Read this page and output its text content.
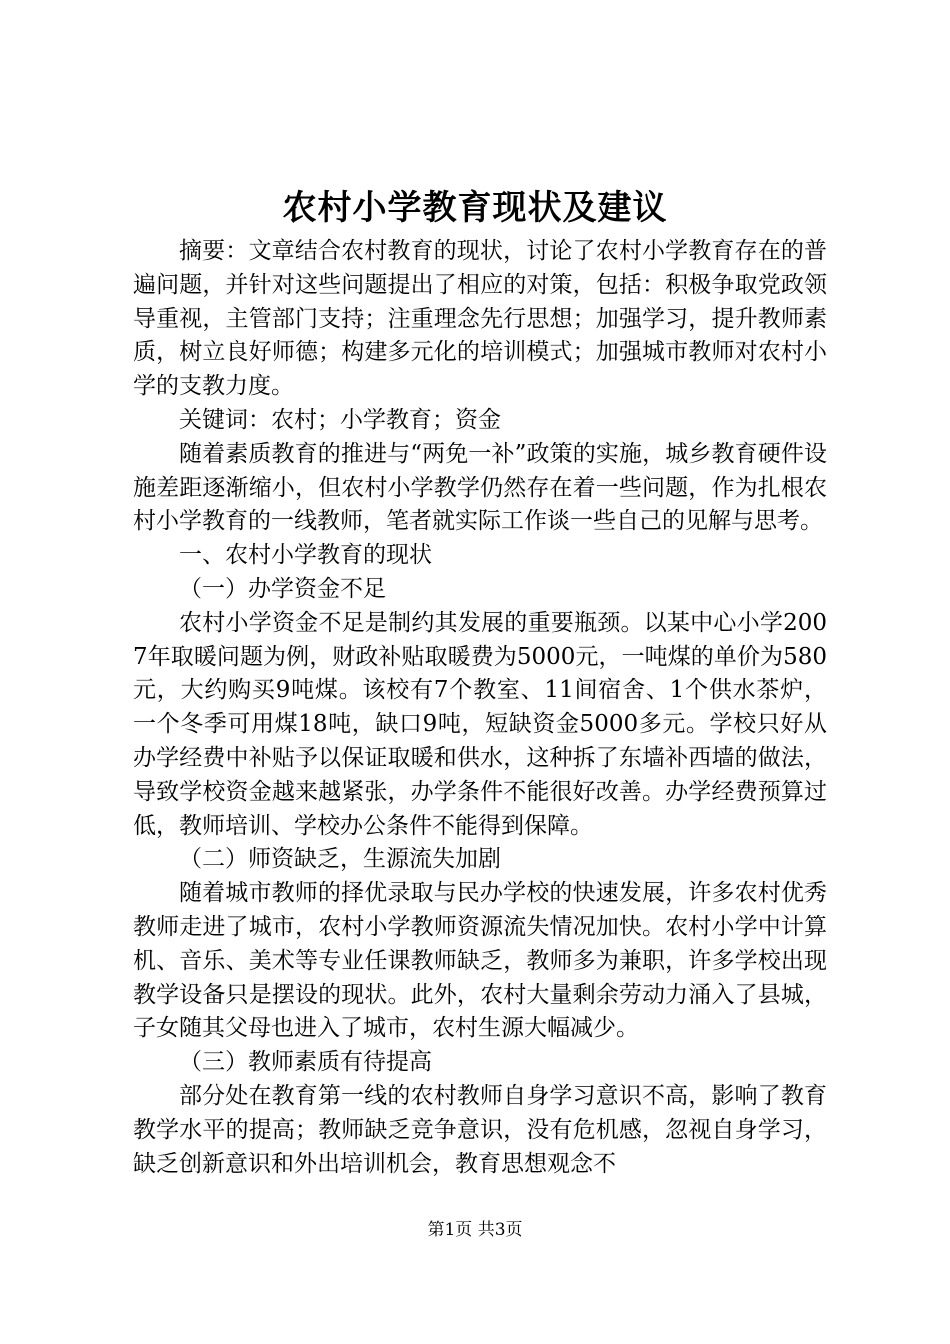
农村小学教育现状及建议

摘要：文章结合农村教育的现状，讨论了农村小学教育存在的普遍问题，并针对这些问题提出了相应的对策，包括：积极争取党政领导重视，主管部门支持；注重理念先行思想；加强学习，提升教师素质，树立良好师德；构建多元化的培训模式；加强城市教师对农村小学的支教力度。

关键词：农村；小学教育；资金

随着素质教育的推进与“两免一补”政策的实施，城乡教育硬件设施差距逐渐缩小，但农村小学教学仍然存在着一些问题，作为扎根农村小学教育的一线教师，笔者就实际工作谈一些自己的见解与思考。

一、农村小学教育的现状

（一）办学资金不足

农村小学资金不足是制约其发展的重要瓶颈。以某中心小学2007年取暖问题为例，财政补贴取暖费为5000元，一吨煤的单价为580元，大约购买9吨煤。该校有7个教室、11间宿舍、1个供水茶炉，一个冬季可用煤18吨，缺口9吨，短缺资金5000多元。学校只好从办学经费中补贴予以保证取暖和供水，这种拆了东墙补西墙的做法，导致学校资金越来越紧张，办学条件不能很好改善。办学经费预算过低，教师培训、学校办公条件不能得到保障。

（二）师资缺乏，生源流失加剧

随着城市教师的择优录取与民办学校的快速发展，许多农村优秀教师走进了城市，农村小学教师资源流失情况加快。农村小学中计算机、音乐、美术等专业任课教师缺乏，教师多为兼职，许多学校出现教学设备只是摆设的现状。此外，农村大量剩余劳动力涌入了县城，子女随其父母也进入了城市，农村生源大幅减少。

（三）教师素质有待提高

部分处在教育第一线的农村教师自身学习意识不高，影响了教育教学水平的提高；教师缺乏竞争意识，没有危机感，忽视自身学习，缺乏创新意识和外出培训机会，教育思想观念不

第1页 共3页
